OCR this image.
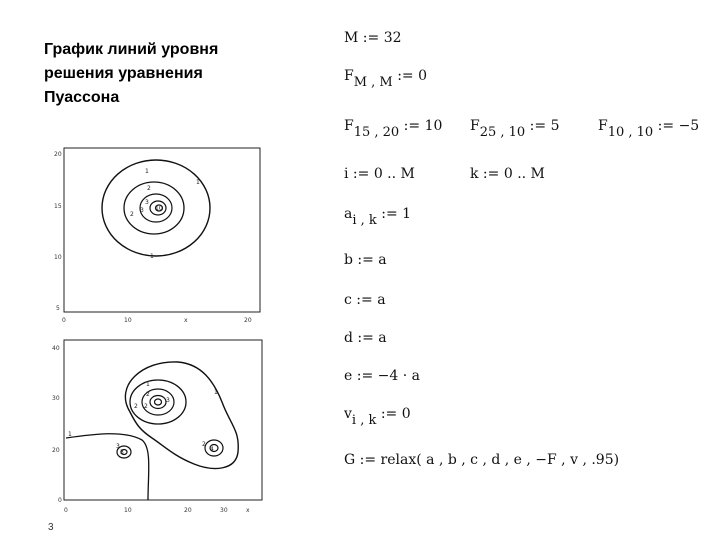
График линий уровня
решения уравнения
Пуассона
20
15
10
5
0	10	x	20
1
1
2
3
2
3 10
1
40
30
20
0
0	10	20	30	x
1
2
3
2
1
2
1
3	4
2
3
M := 32
$F_{M , M}$ := 0
$F_{15 , 20}$ := 10 $F_{25 , 10}$ := 5	$F_{10 , 10}$ := −5
i := 0 .. M	k := 0 .. M
$a_{i , k}$ := 1
b := a
c := a
d := a
e := −4 · a
$v_{i , k}$ := 0
G := relax( a , b , c , d , e , −F , v , .95)
3
